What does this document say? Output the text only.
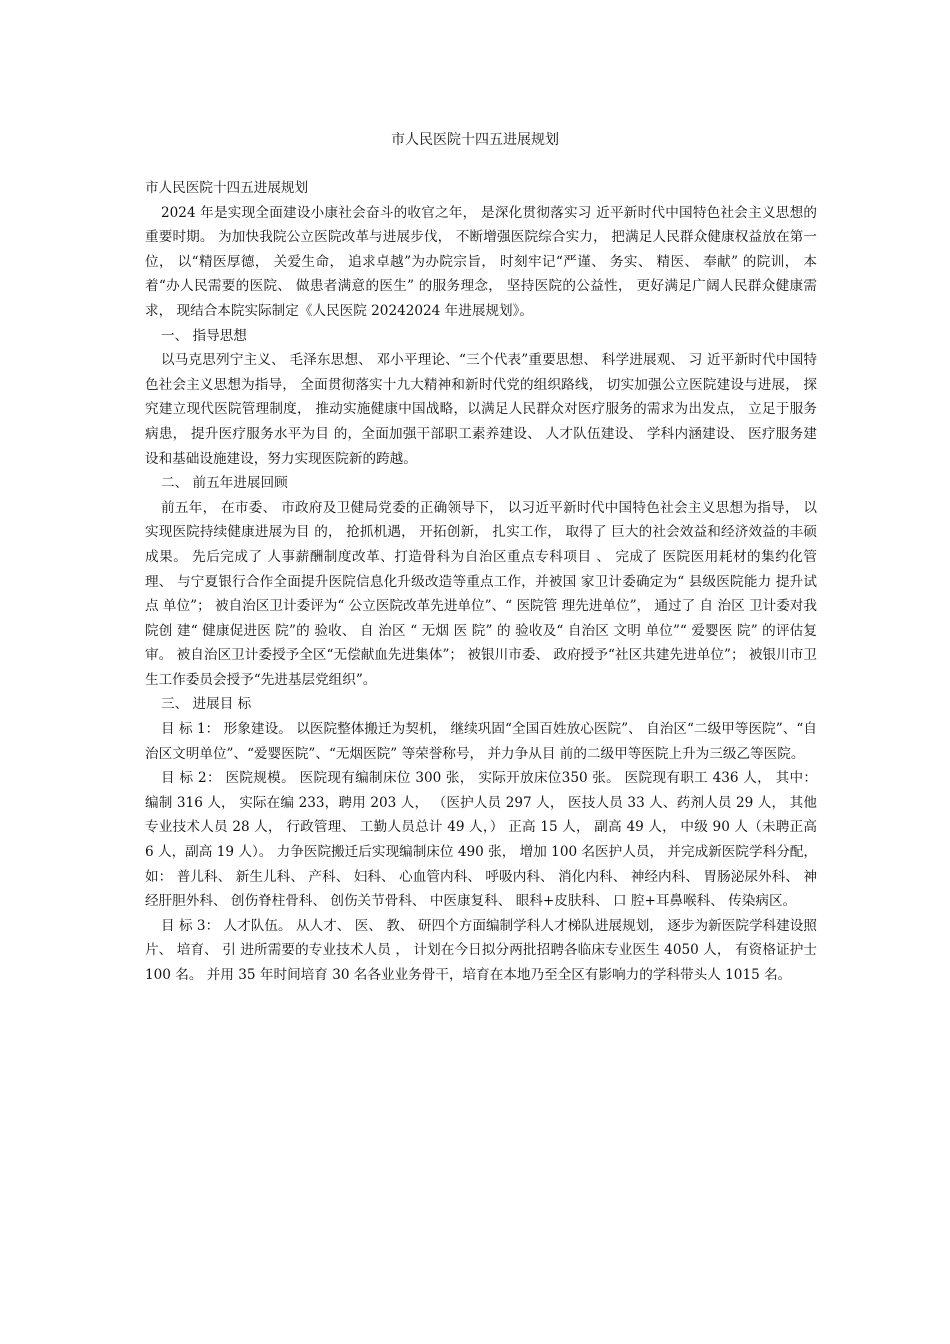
市人民医院十四五进展规划

市人民医院十四五进展规划

2024 年是实现全面建设小康社会奋斗的收官之年， 是深化贯彻落实习 近平新时代中国特色社会主义思想的重要时期。 为加快我院公立医院改革与进展步伐， 不断增强医院综合实力， 把满足人民群众健康权益放在第一位， 以“精医厚德， 关爱生命， 追求卓越”为办院宗旨， 时刻牢记“严谨、 务实、 精医、 奉献” 的院训， 本着“办人民需要的医院、 做患者满意的医生” 的服务理念， 坚持医院的公益性， 更好满足广阔人民群众健康需求， 现结合本院实际制定《人民医院 20242024 年进展规划》。

一、 指导思想

以马克思列宁主义、 毛泽东思想、 邓小平理论、“三个代表”重要思想、 科学进展观、 习 近平新时代中国特色社会主义思想为指导， 全面贯彻落实十九大精神和新时代党的组织路线， 切实加强公立医院建设与进展， 探究建立现代医院管理制度， 推动实施健康中国战略，以满足人民群众对医疗服务的需求为出发点， 立足于服务病患， 提升医疗服务水平为目 的，全面加强干部职工素养建设、 人才队伍建设、 学科内涵建设、 医疗服务建设和基础设施建设，努力实现医院新的跨越。

二、 前五年进展回顾

前五年， 在市委、 市政府及卫健局党委的正确领导下， 以习近平新时代中国特色社会主义思想为指导， 以实现医院持续健康进展为目 的， 抢抓机遇， 开拓创新， 扎实工作， 取得了 巨大的社会效益和经济效益的丰硕成果。 先后完成了 人事薪酬制度改革、打造骨科为自治区重点专科项目 、 完成了 医院医用耗材的集约化管理、 与宁夏银行合作全面提升医院信息化升级改造等重点工作，并被国 家卫计委确定为“ 县级医院能力 提升试点 单位”； 被自治区卫计委评为“ 公立医院改革先进单位”、“ 医院管 理先进单位”， 通过了 自 治区 卫计委对我院创 建“ 健康促进医 院”的 验收、 自 治区 “ 无烟 医 院” 的 验收及“ 自治区 文明 单位”“ 爱婴医 院” 的评估复审。 被自治区卫计委授予全区“无偿献血先进集体”； 被银川市委、 政府授予“社区共建先进单位”； 被银川市卫生工作委员会授予“先进基层党组织”。

三、 进展目 标

目 标 1： 形象建设。 以医院整体搬迁为契机， 继续巩固“全国百姓放心医院”、 自治区“二级甲等医院”、“自治区文明单位”、“爱婴医院”、“无烟医院” 等荣誉称号， 并力争从目 前的二级甲等医院上升为三级乙等医院。

目 标 2： 医院规模。 医院现有编制床位 300 张， 实际开放床位350 张。 医院现有职工 436 人， 其中： 编制 316 人， 实际在编 233，聘用 203 人， （医护人员 297 人， 医技人员 33 人、药剂人员 29 人， 其他专业技术人员 28 人， 行政管理、 工勤人员总计 49 人，） 正高 15 人， 副高 49 人， 中级 90 人（未聘正高 6 人，副高 19 人）。 力争医院搬迁后实现编制床位 490 张， 增加 100 名医护人员， 并完成新医院学科分配， 如： 普儿科、 新生儿科、 产科、 妇科、 心血管内科、 呼吸内科、 消化内科、 神经内科、 胃肠泌尿外科、 神经肝胆外科、 创伤脊柱骨科、 创伤关节骨科、 中医康复科、 眼科+皮肤科、 口 腔+耳鼻喉科、 传染病区。

目 标 3： 人才队伍。 从人才、 医、 教、 研四个方面编制学科人才梯队进展规划， 逐步为新医院学科建设照片、 培育、 引 进所需要的专业技术人员 ， 计划在今日拟分两批招聘各临床专业医生 4050 人， 有资格证护士 100 名。 并用 35 年时间培育 30 名各业业务骨干，培育在本地乃至全区有影响力的学科带头人 1015 名。
